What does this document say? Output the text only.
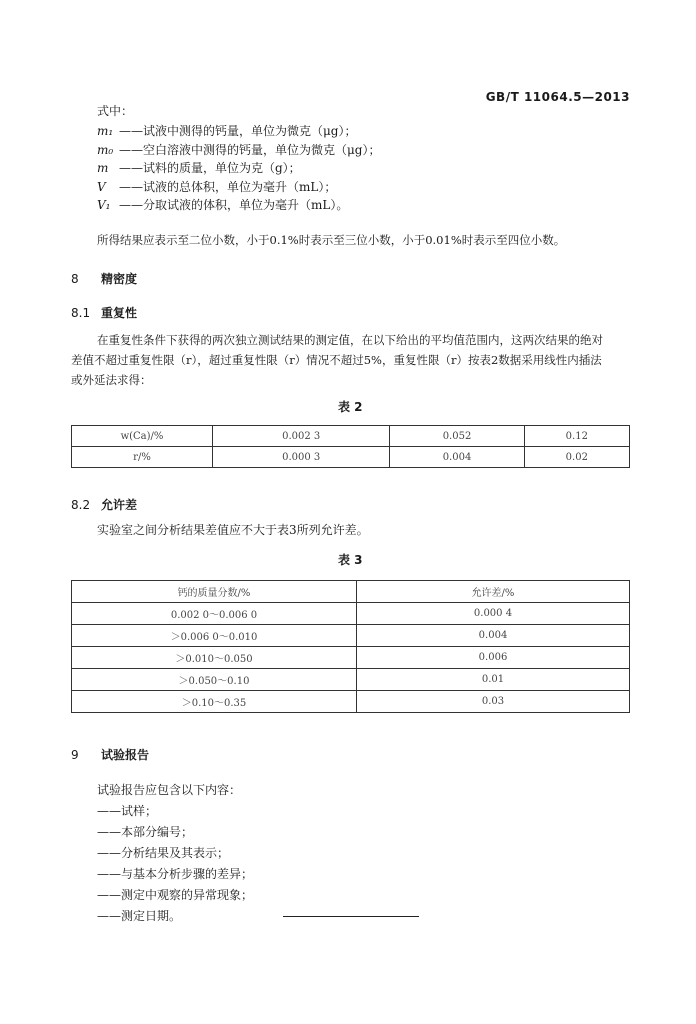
GB/T 11064.5—2013
式中：
m₁ ——试液中测得的钙量，单位为微克（μg）；
m₀ ——空白溶液中测得的钙量，单位为微克（μg）；
m ——试料的质量，单位为克（g）；
V ——试液的总体积，单位为毫升（mL）；
V₁ ——分取试液的体积，单位为毫升（mL）。
所得结果应表示至二位小数，小于0.1%时表示至三位小数，小于0.01%时表示至四位小数。
8 精密度
8.1 重复性
在重复性条件下获得的两次独立测试结果的测定值，在以下给出的平均值范围内，这两次结果的绝对
差值不超过重复性限（r），超过重复性限（r）情况不超过5%，重复性限（r）按表2数据采用线性内插法
或外延法求得：
表 2
w(Ca)/%	0.002 3	0.052	0.12
r/%	0.000 3	0.004	0.02
8.2 允许差
实验室之间分析结果差值应不大于表3所列允许差。
表 3
钙的质量分数/%	允许差/%
0.002 0～0.006 0	0.000 4
＞0.006 0～0.010	0.004
＞0.010～0.050	0.006
＞0.050～0.10	0.01
＞0.10～0.35	0.03
9 试验报告
试验报告应包含以下内容：
——试样；
——本部分编号；
——分析结果及其表示；
——与基本分析步骤的差异；
——测定中观察的异常现象；
——测定日期。
